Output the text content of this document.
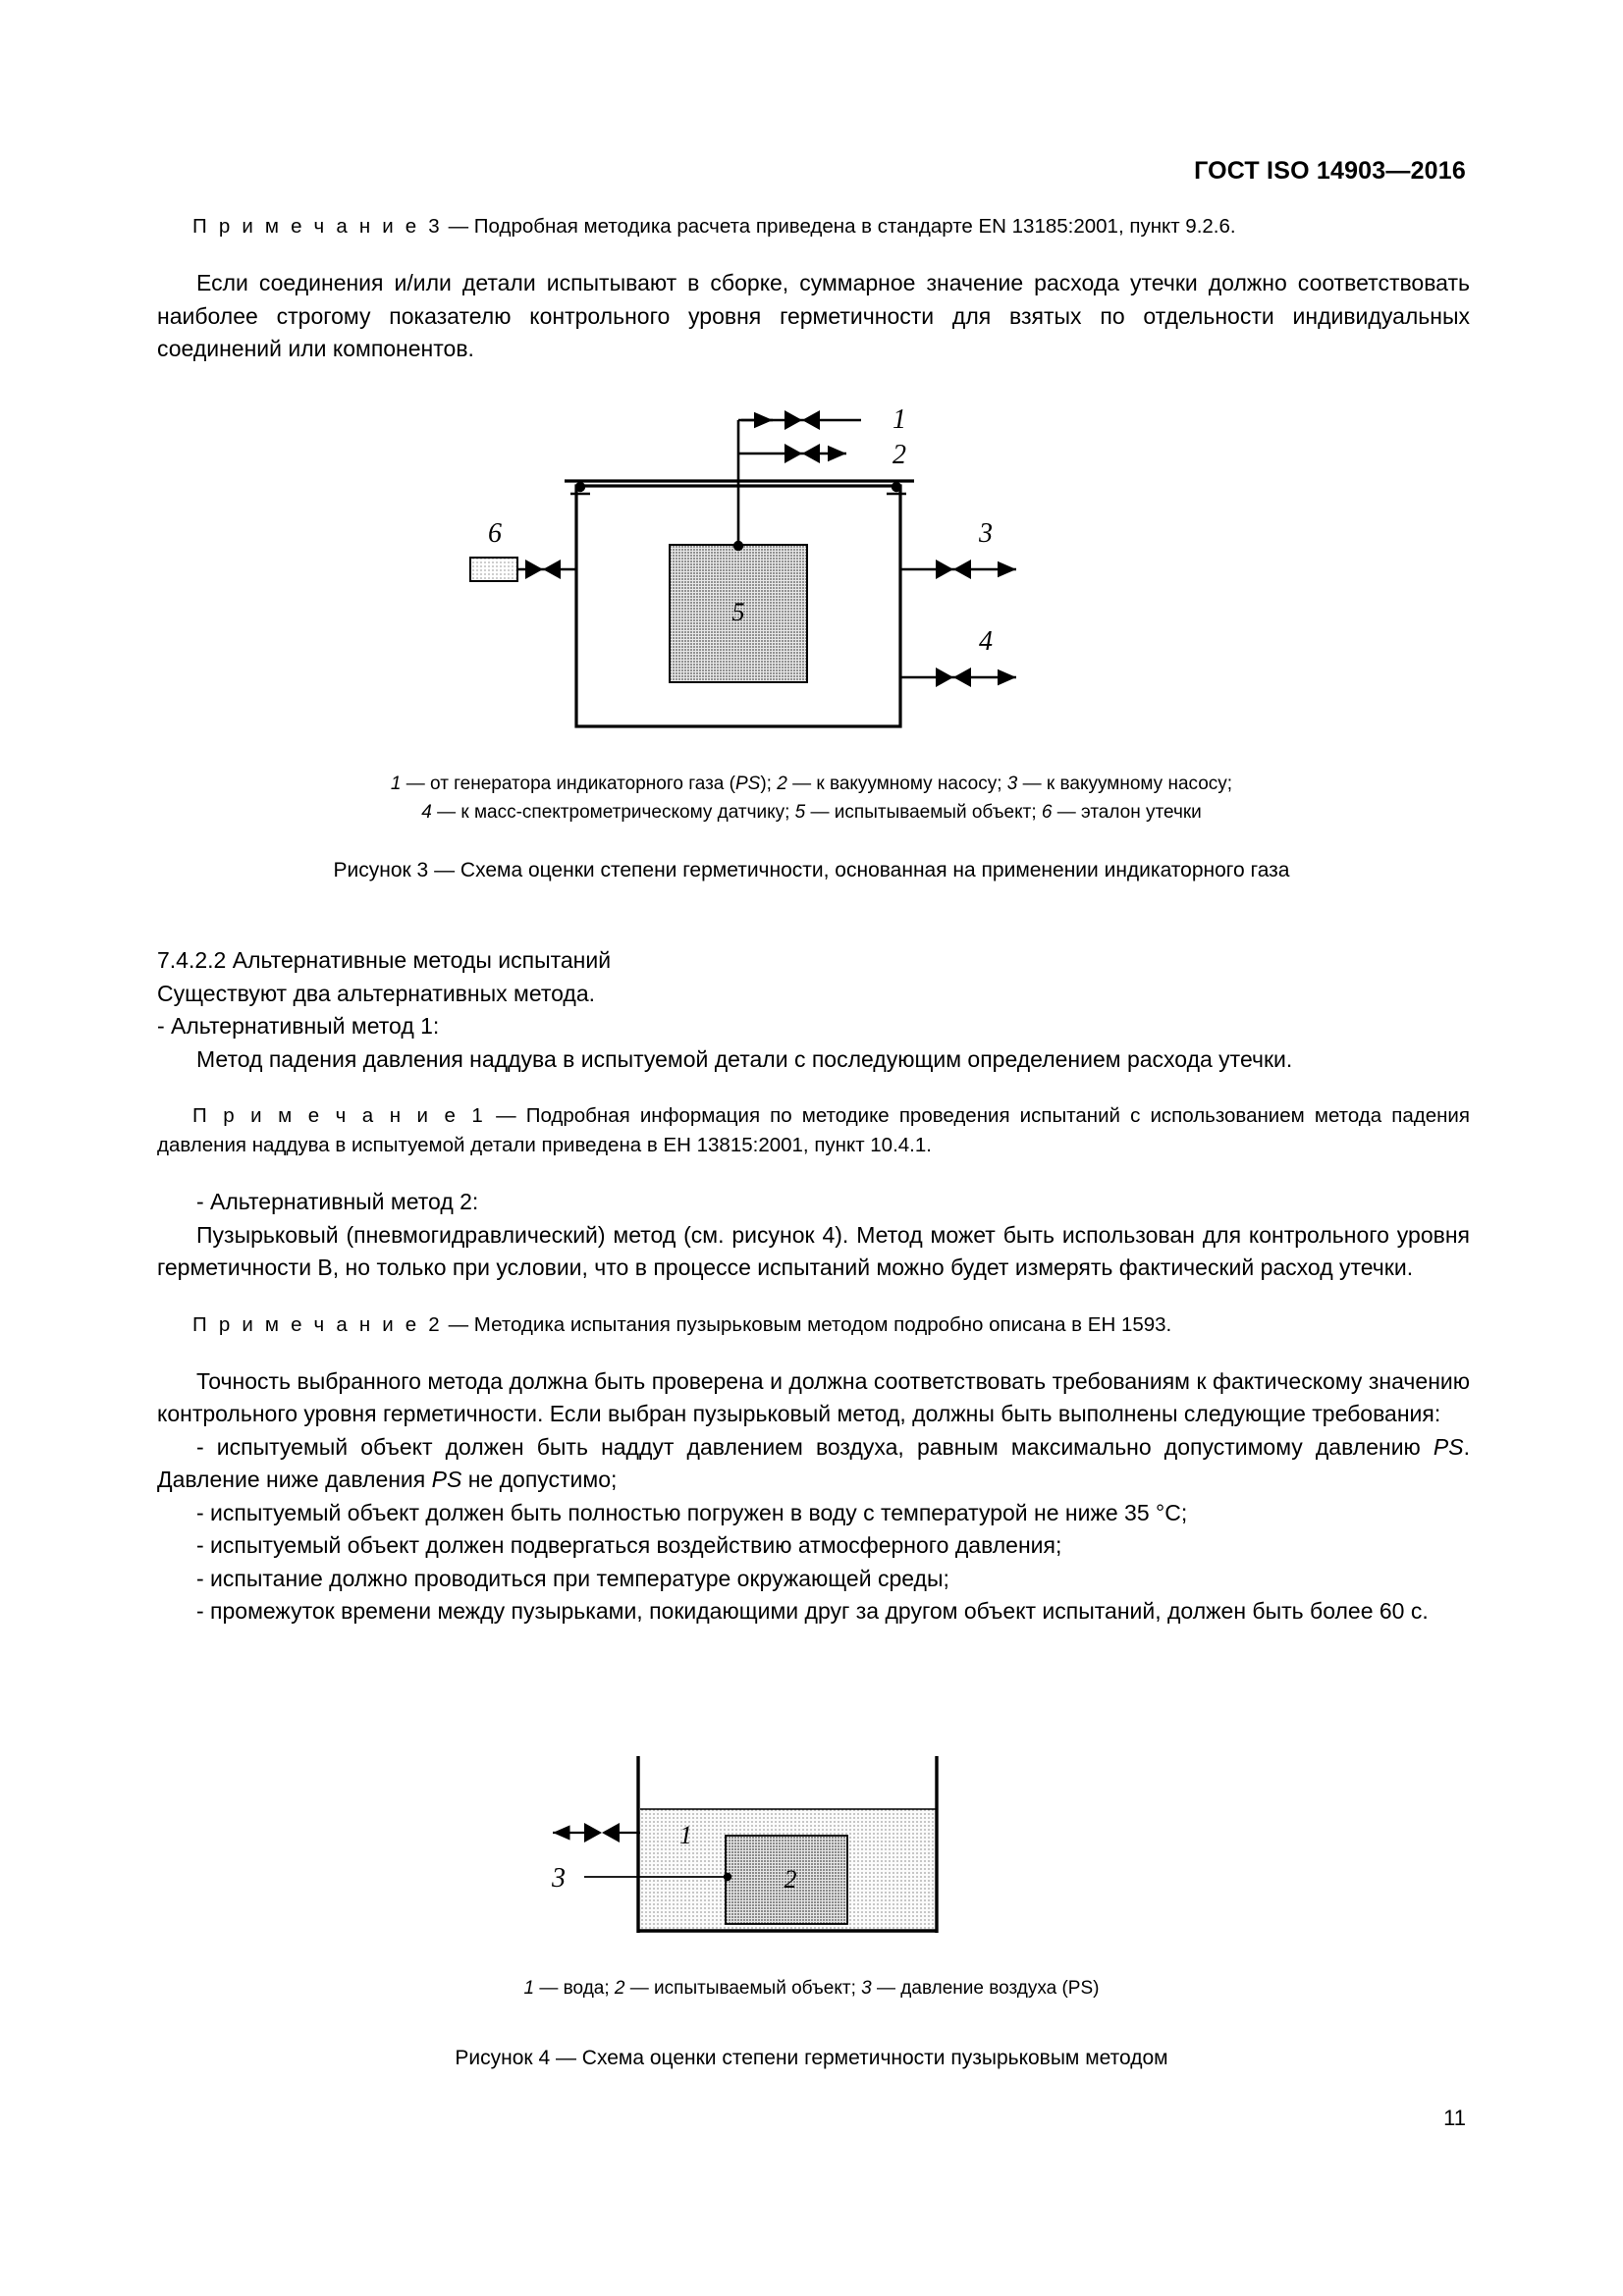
ГОСТ ISO 14903—2016

П р и м е ч а н и е 3 — Подробная методика расчета приведена в стандарте EN 13185:2001, пункт 9.2.6.

Если соединения и/или детали испытывают в сборке, суммарное значение расхода утечки должно соответствовать наиболее строгому показателю контрольного уровня герметичности для взятых по отдельности индивидуальных соединений или компонентов.

5
1
2
6	3
4
1 — от генератора индикаторного газа (PS); 2 — к вакуумному насосу; 3 — к вакуумному насосу;
4 — к масс-спектрометрическому датчику; 5 — испытываемый объект; 6 — эталон утечки
Рисунок 3 — Схема оценки степени герметичности, основанная на применении индикаторного газа

7.4.2.2 Альтернативные методы испытаний

Существуют два альтернативных метода.

- Альтернативный метод 1:

Метод падения давления наддува в испытуемой детали с последующим определением расхода утечки.

П р и м е ч а н и е 1 — Подробная информация по методике проведения испытаний с использованием метода падения давления наддува в испытуемой детали приведена в ЕН 13815:2001, пункт 10.4.1.

- Альтернативный метод 2:

Пузырьковый (пневмогидравлический) метод (см. рисунок 4). Метод может быть использован для контрольного уровня герметичности В, но только при условии, что в процессе испытаний можно будет измерять фактический расход утечки.

П р и м е ч а н и е 2 — Методика испытания пузырьковым методом подробно описана в ЕН 1593.

Точность выбранного метода должна быть проверена и должна соответствовать требованиям к фактическому значению контрольного уровня герметичности. Если выбран пузырьковый метод, должны быть выполнены следующие требования:

- испытуемый объект должен быть наддут давлением воздуха, равным максимально допустимому давлению PS. Давление ниже давления PS не допустимо;

- испытуемый объект должен быть полностью погружен в воду с температурой не ниже 35 °C;

- испытуемый объект должен подвергаться воздействию атмосферного давления;

- испытание должно проводиться при температуре окружающей среды;

- промежуток времени между пузырьками, покидающими друг за другом объект испытаний, должен быть более 60 с.

2
1
3
1 — вода; 2 — испытываемый объект; 3 — давление воздуха (PS)
Рисунок 4 — Схема оценки степени герметичности пузырьковым методом
11
